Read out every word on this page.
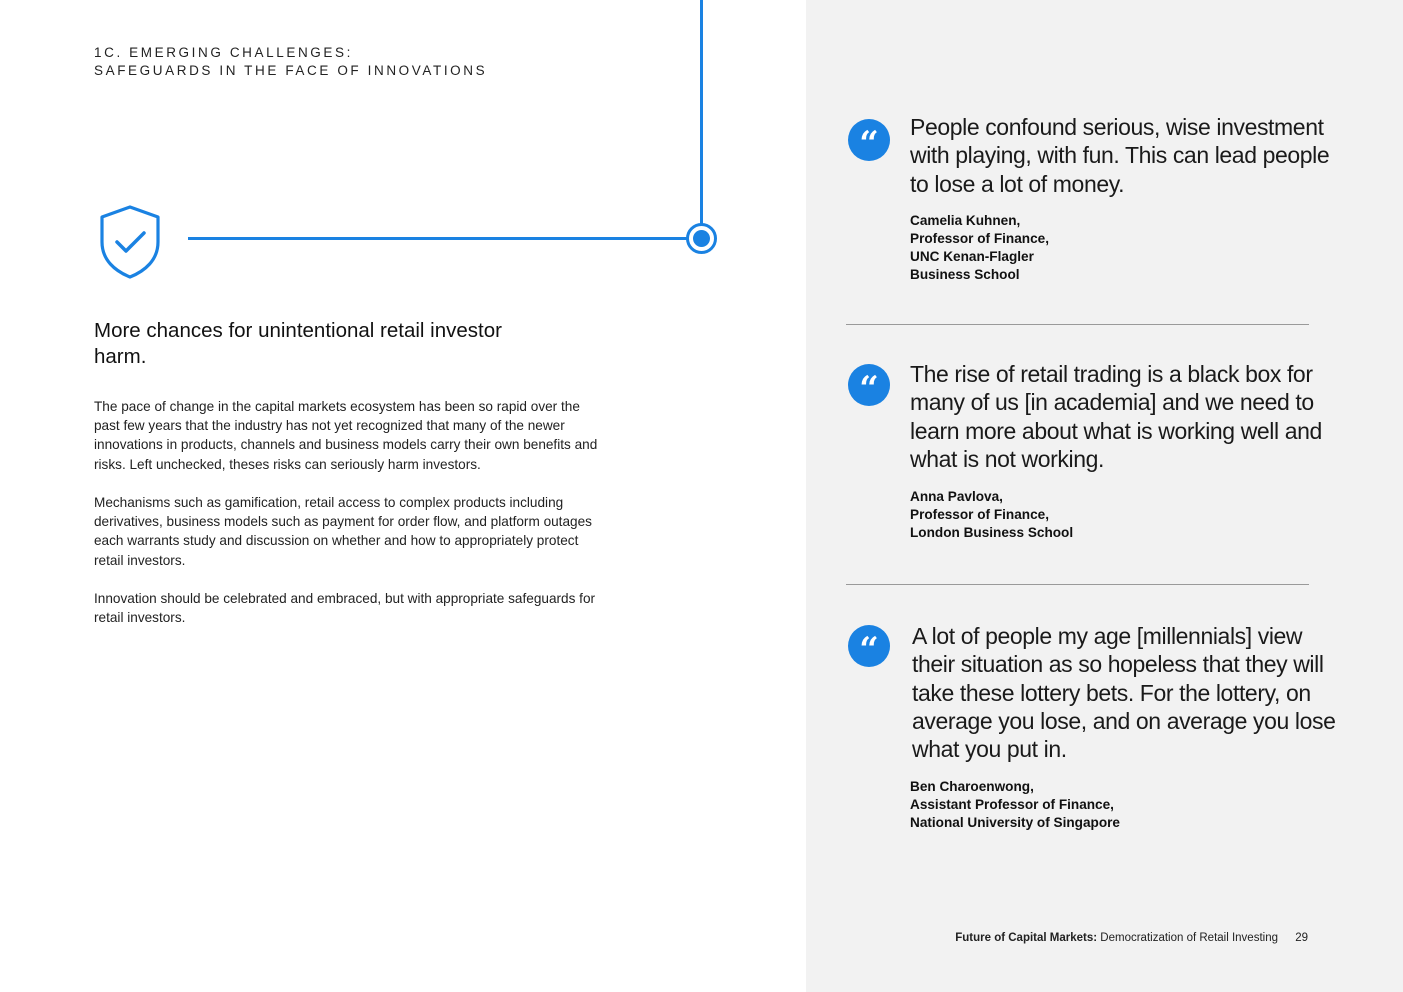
1C. EMERGING CHALLENGES:
SAFEGUARDS IN THE FACE OF INNOVATIONS
More chances for unintentional retail investor harm.

The pace of change in the capital markets ecosystem has been so rapid over the past few years that the industry has not yet recognized that many of the newer innovations in products, channels and business models carry their own benefits and risks. Left unchecked, theses risks can seriously harm investors.

Mechanisms such as gamification, retail access to complex products including derivatives, business models such as payment for order flow, and platform outages each warrants study and discussion on whether and how to appropriately protect retail investors.

Innovation should be celebrated and embraced, but with appropriate safeguards for retail investors.

“ People confound serious, wise investment with playing, with fun. This can lead people to lose a lot of money.
Camelia Kuhnen,
Professor of Finance,
UNC Kenan-Flagler
Business School
“ The rise of retail trading is a black box for many of us [in academia] and we need to learn more about what is working well and what is not working.
Anna Pavlova,
Professor of Finance,
London Business School
“ A lot of people my age [millennials] view their situation as so hopeless that they will take these lottery bets. For the lottery, on average you lose, and on average you lose what you put in.
Ben Charoenwong,
Assistant Professor of Finance,
National University of Singapore
Future of Capital Markets: Democratization of Retail Investing 29
